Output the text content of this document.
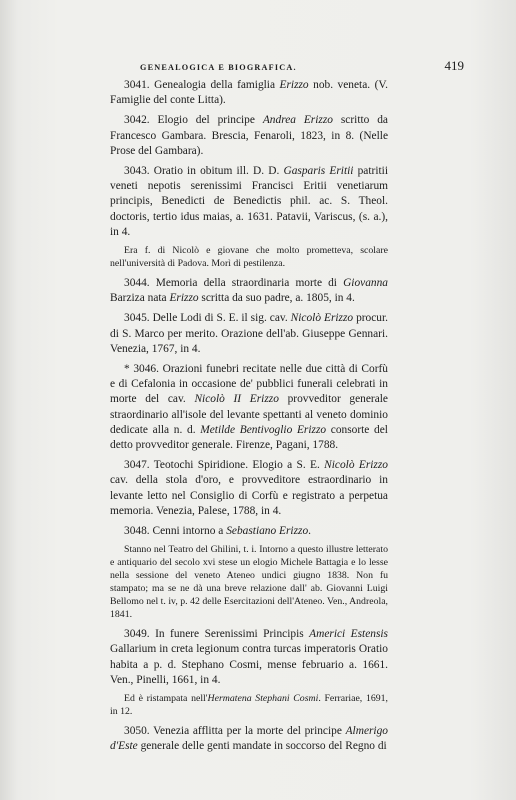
GENEALOGICA E BIOGRAFICA.	419

3041. Genealogia della famiglia Erizzo nob. veneta. (V. Famiglie del conte Litta).

3042. Elogio del principe Andrea Erizzo scritto da Francesco Gambara. Brescia, Fenaroli, 1823, in 8. (Nelle Prose del Gambara).

3043. Oratio in obitum ill. D. D. Gasparis Eritii patritii veneti nepotis serenissimi Francisci Eritii venetiarum principis, Benedicti de Benedictis phil. ac. S. Theol. doctoris, tertio idus maias, a. 1631. Patavii, Variscus, (s. a.), in 4.

Era f. di Nicolò e giovane che molto prometteva, scolare nell'università di Padova. Morì di pestilenza.

3044. Memoria della straordinaria morte di Giovanna Barziza nata Erizzo scritta da suo padre, a. 1805, in 4.

3045. Delle Lodi di S. E. il sig. cav. Nicolò Erizzo procur. di S. Marco per merito. Orazione dell'ab. Giuseppe Gennari. Venezia, 1767, in 4.

* 3046. Orazioni funebri recitate nelle due città di Corfù e di Cefalonia in occasione de' pubblici funerali celebrati in morte del cav. Nicolò II Erizzo provveditor generale straordinario all'isole del levante spettanti al veneto dominio dedicate alla n. d. Metilde Bentivoglio Erizzo consorte del detto provveditor generale. Firenze, Pagani, 1788.

3047. Teotochi Spiridione. Elogio a S. E. Nicolò Erizzo cav. della stola d'oro, e provveditore estraordinario in levante letto nel Consiglio di Corfù e registrato a perpetua memoria. Venezia, Palese, 1788, in 4.

3048. Cenni intorno a Sebastiano Erizzo.

Stanno nel Teatro del Ghilini, t. i. Intorno a questo illustre letterato e antiquario del secolo xvi stese un elogio Michele Battagia e lo lesse nella sessione del veneto Ateneo undici giugno 1838. Non fu stampato; ma se ne dà una breve relazione dall' ab. Giovanni Luigi Bellomo nel t. iv, p. 42 delle Esercitazioni dell'Ateneo. Ven., Andreola, 1841.

3049. In funere Serenissimi Principis Americi Estensis Gallarium in creta legionum contra turcas imperatoris Oratio habita a p. d. Stephano Cosmi, mense februario a. 1661. Ven., Pinelli, 1661, in 4.

Ed è ristampata nell'Hermatena Stephani Cosmi. Ferrariae, 1691, in 12.

3050. Venezia afflitta per la morte del principe Almerigo d'Este generale delle genti mandate in soccorso del Regno di
